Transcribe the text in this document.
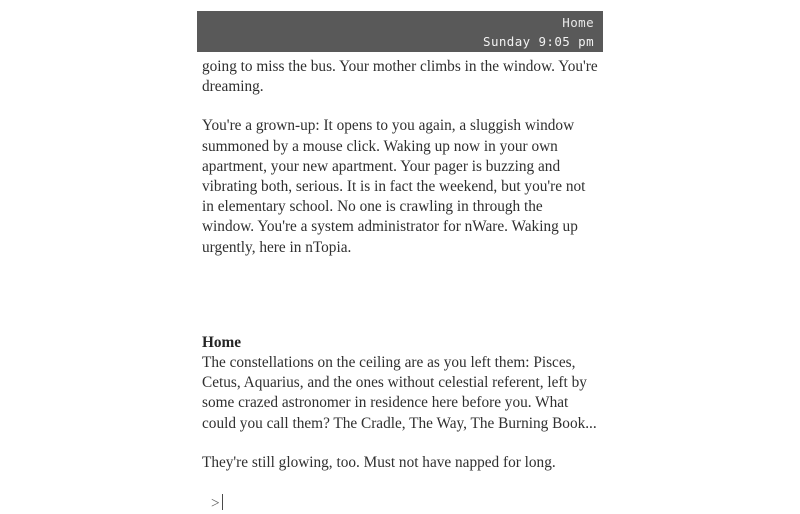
Home
Sunday 9:05 pm

going to miss the bus. Your mother climbs in the window. You're dreaming.

You're a grown-up: It opens to you again, a sluggish window summoned by a mouse click. Waking up now in your own apartment, your new apartment. Your pager is buzzing and vibrating both, serious. It is in fact the weekend, but you're not in elementary school. No one is crawling in through the window. You're a system administrator for nWare. Waking up urgently, here in nTopia.

Home

The constellations on the ceiling are as you left them: Pisces, Cetus, Aquarius, and the ones without celestial referent, left by some crazed astronomer in residence here before you. What could you call them? The Cradle, The Way, The Burning Book...

They're still glowing, too. Must not have napped for long.

>
